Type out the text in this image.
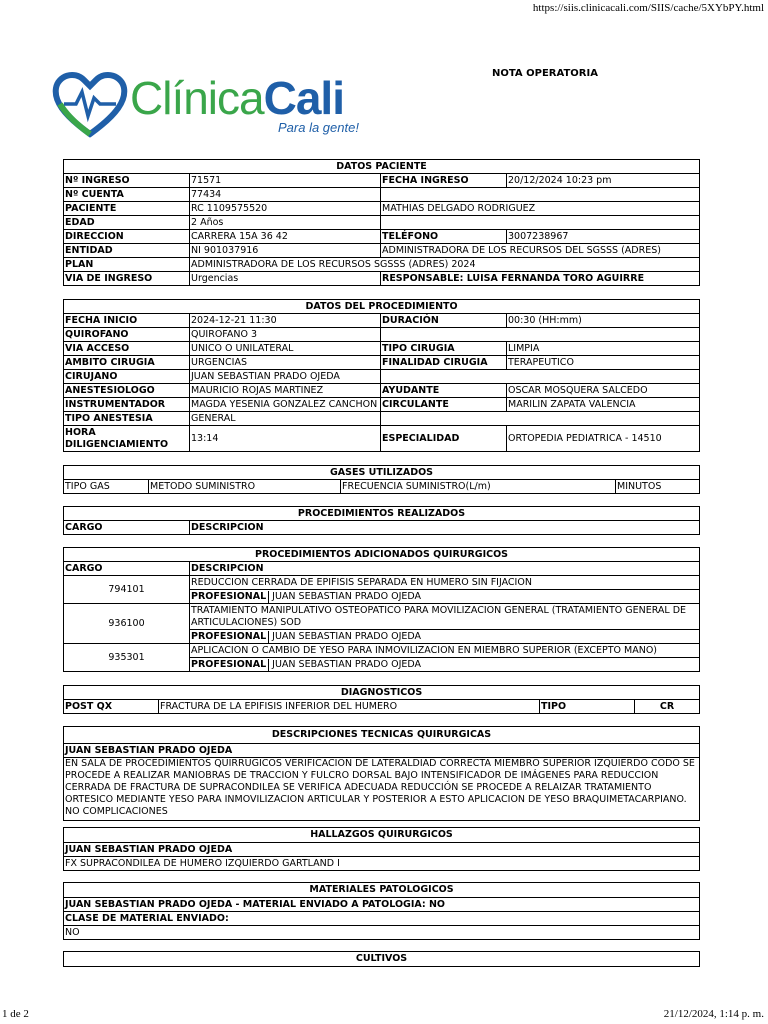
https://siis.clinicacali.com/SIIS/cache/5XYbPY.html
ClínicaCali
Para la gente!
NOTA OPERATORIA
DATOS PACIENTE			
Nº INGRESO	71571	FECHA INGRESO	20/12/2024 10:23 pm
Nº CUENTA	77434		
PACIENTE	RC 1109575520	MATHIAS DELGADO RODRIGUEZ	
EDAD	2 Años		
DIRECCION	CARRERA 15A 36 42	TELÉFONO	3007238967
ENTIDAD	NI 901037916	ADMINISTRADORA DE LOS RECURSOS DEL SGSSS (ADRES)	
PLAN	ADMINISTRADORA DE LOS RECURSOS SGSSS (ADRES) 2024		
VIA DE INGRESO	Urgencias	RESPONSABLE: LUISA FERNANDA TORO AGUIRRE	
DATOS DEL PROCEDIMIENTO			
FECHA INICIO	2024-12-21 11:30	DURACIÓN	00:30 (HH:mm)
QUIROFANO	QUIROFANO 3		
VIA ACCESO	UNICO O UNILATERAL	TIPO CIRUGIA	LIMPIA
AMBITO CIRUGIA	URGENCIAS	FINALIDAD CIRUGIA	TERAPEUTICO
CIRUJANO	JUAN SEBASTIAN PRADO OJEDA		
ANESTESIOLOGO	MAURICIO ROJAS MARTINEZ	AYUDANTE	OSCAR MOSQUERA SALCEDO
INSTRUMENTADOR	MAGDA YESENIA GONZALEZ CANCHON	CIRCULANTE	MARILIN ZAPATA VALENCIA
TIPO ANESTESIA	GENERAL		
HORA DILIGENCIAMIENTO	13:14	ESPECIALIDAD	ORTOPEDIA PEDIATRICA - 14510
GASES UTILIZADOS
TIPO GAS	METODO SUMINISTRO	FRECUENCIA SUMINISTRO(L/m)	MINUTOS
PROCEDIMIENTOS REALIZADOS
CARGO	DESCRIPCION
PROCEDIMIENTOS ADICIONADOS QUIRURGICOS	
CARGO	DESCRIPCION
794101	REDUCCION CERRADA DE EPIFISIS SEPARADA EN HUMERO SIN FIJACION
	PROFESIONAL JUAN SEBASTIAN PRADO OJEDA
936100	TRATAMIENTO MANIPULATIVO OSTEOPATICO PARA MOVILIZACION GENERAL (TRATAMIENTO GENERAL DE ARTICULACIONES) SOD
	PROFESIONAL JUAN SEBASTIAN PRADO OJEDA
935301	APLICACION O CAMBIO DE YESO PARA INMOVILIZACION EN MIEMBRO SUPERIOR (EXCEPTO MANO)
	PROFESIONAL JUAN SEBASTIAN PRADO OJEDA
DIAGNOSTICOS
POST QX	FRACTURA DE LA EPIFISIS INFERIOR DEL HUMERO	TIPO	CR
DESCRIPCIONES TECNICAS QUIRURGICAS
JUAN SEBASTIAN PRADO OJEDA
EN SALA DE PROCEDIMIENTOS QUIRRUGICOS VERIFICACION DE LATERALDIAD CORRECTA MIEMBRO SUPERIOR IZQUIERDO CODO SE PROCEDE A REALIZAR MANIOBRAS DE TRACCION Y FULCRO DORSAL BAJO INTENSIFICADOR DE IMÁGENES PARA REDUCCION CERRADA DE FRACTURA DE SUPRACONDILEA SE VERIFICA ADECUADA REDUCCIÓN SE PROCEDE A RELAIZAR TRATAMIENTO ORTESICO MEDIANTE YESO PARA INMOVILIZACION ARTICULAR Y POSTERIOR A ESTO APLICACION DE YESO BRAQUIMETACARPIANO. NO COMPLICACIONES
HALLAZGOS QUIRURGICOS
JUAN SEBASTIAN PRADO OJEDA
FX SUPRACONDILEA DE HUMERO IZQUIERDO GARTLAND I
MATERIALES PATOLOGICOS
JUAN SEBASTIAN PRADO OJEDA - MATERIAL ENVIADO A PATOLOGIA: NO
CLASE DE MATERIAL ENVIADO:
NO
CULTIVOS
1 de 2	21/12/2024, 1:14 p. m.
